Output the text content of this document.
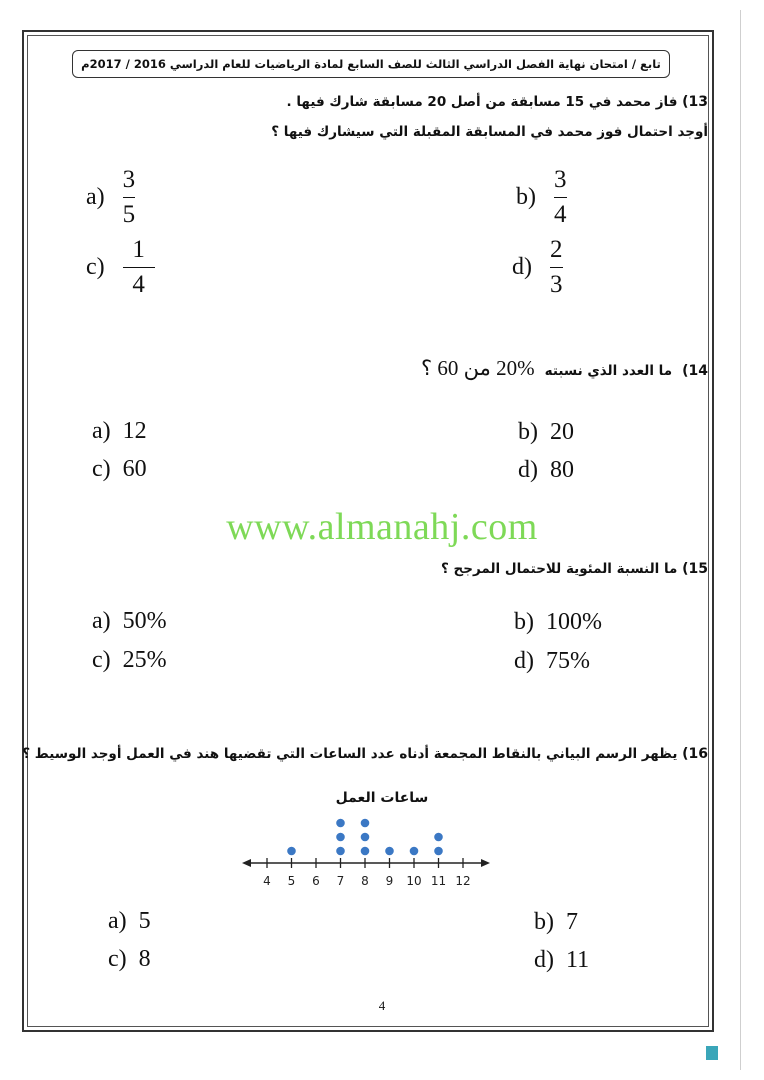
تابع / امتحان نهاية الفصل الدراسي الثالث للصف السابع لمادة الرياضيات للعام الدراسي 2016 / 2017م
13) فاز محمد في 15 مسابقة من أصل 20 مسابقة شارك فيها .
أوجد احتمال فوز محمد في المسابقة المقبلة التي سيشارك فيها ؟
$a) \frac{3}{5}$	$b) \frac{3}{4}$
$c) \frac{1}{4}$	$d) \frac{2}{3}$
14)
ما العدد الذي نسبته
20% من 60 ؟
a) 12	b) 20
c) 60	d) 80
www.almanahj.com
15) ما النسبة المئوية للاحتمال المرجح ؟
a) 50%	b) 100%
c) 25%	d) 75%
16) يظهر الرسم البياني بالنقاط المجمعة أدناه عدد الساعات التي تقضيها هند في العمل أوجد الوسيط ؟
ساعات العمل
4 5 6 7 8 9 10 11 12
a) 5	b) 7
c) 8	d) 11
4
